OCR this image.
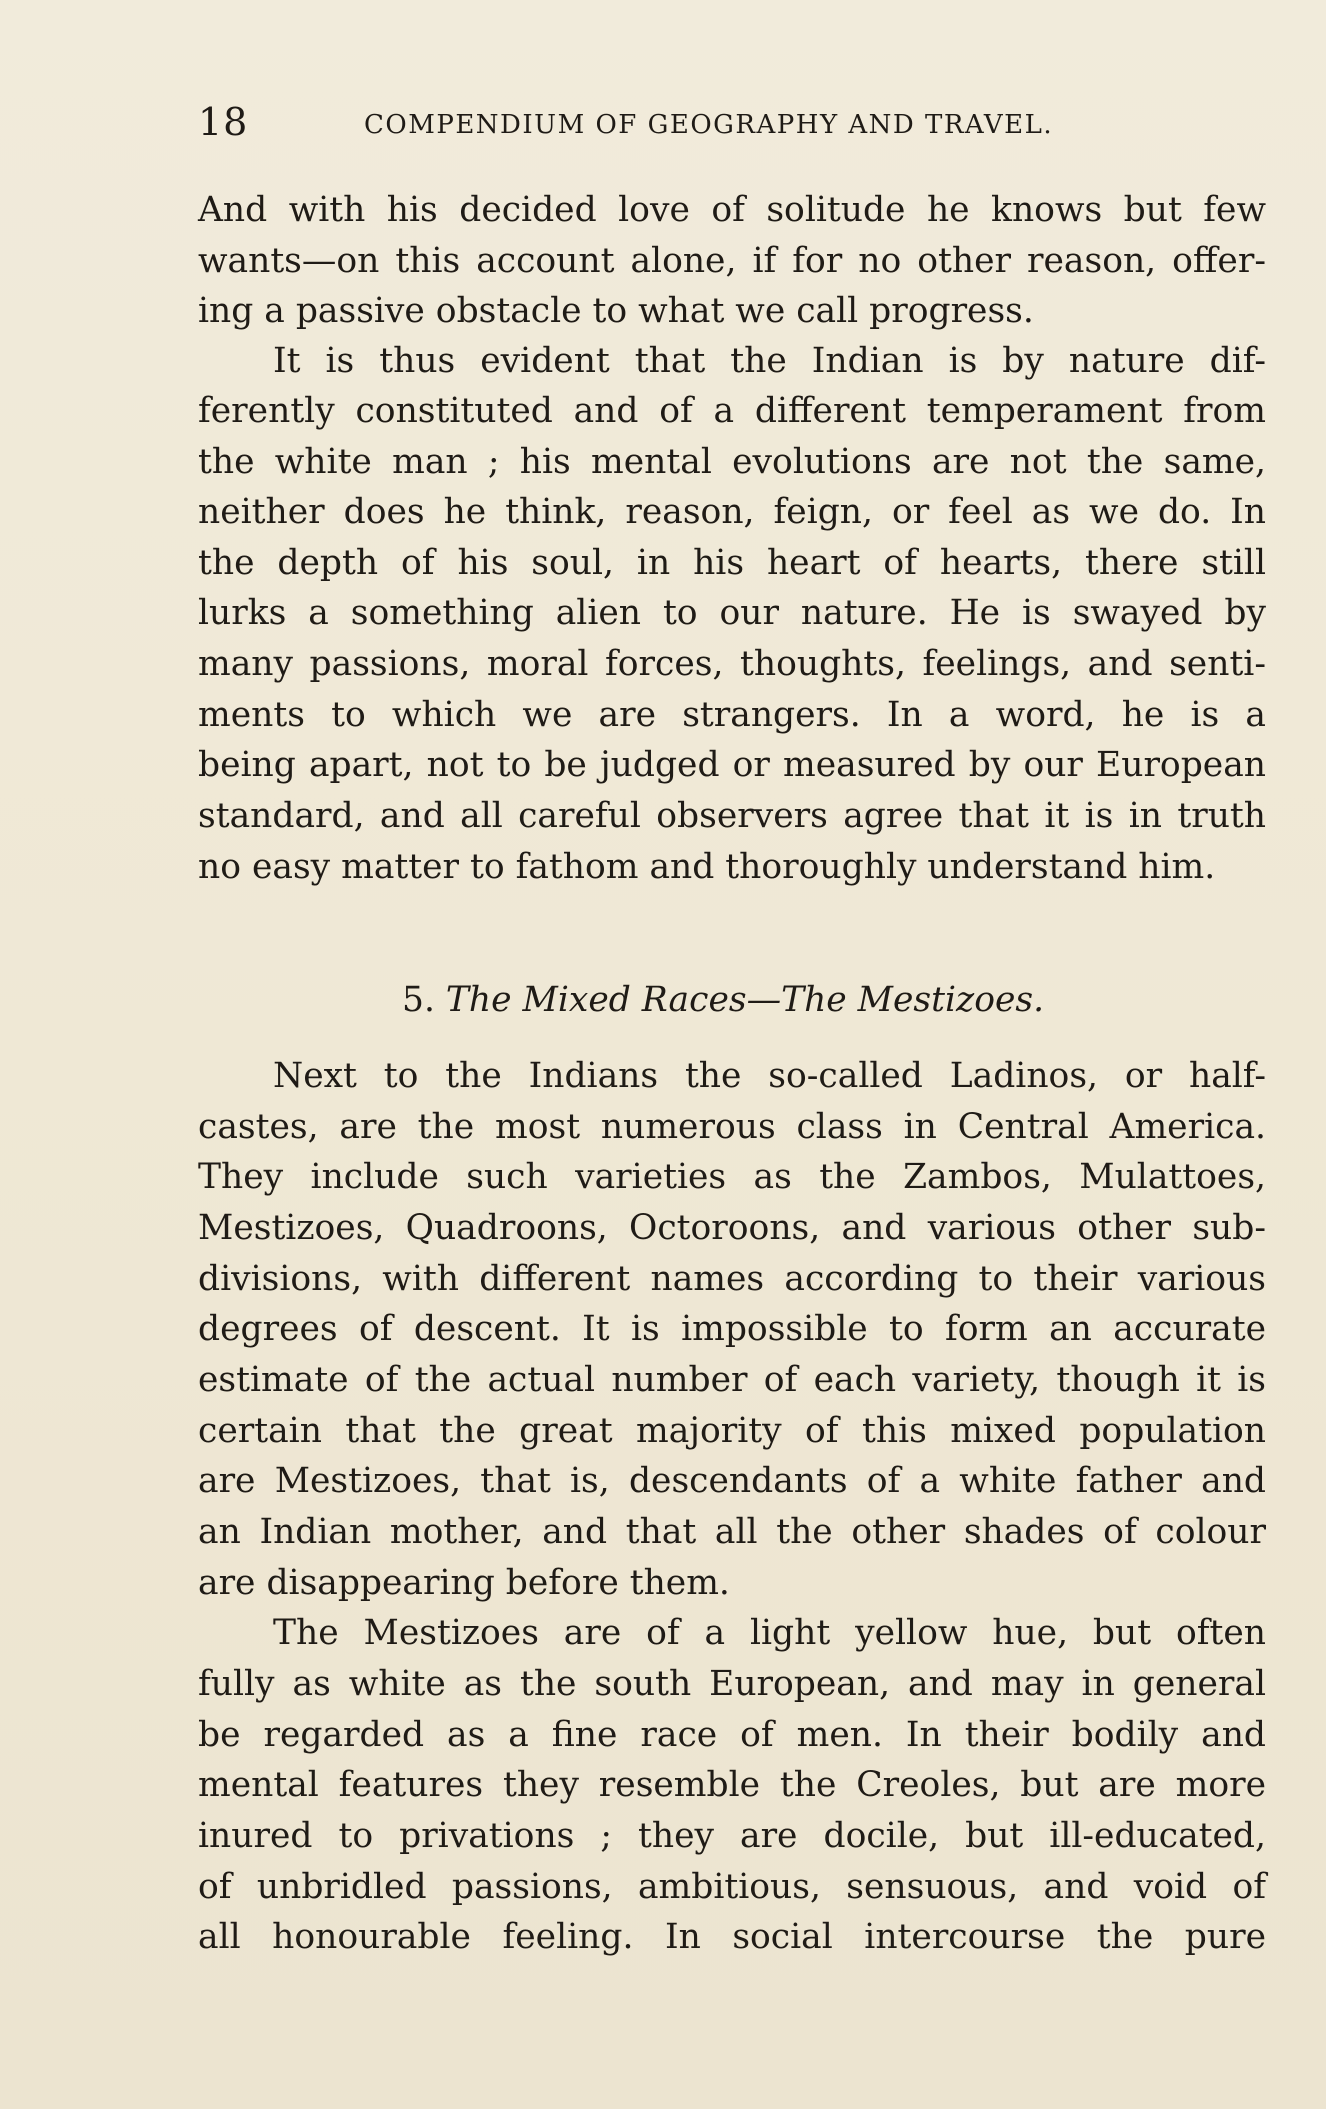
18	COMPENDIUM OF GEOGRAPHY AND TRAVEL.
And with his decided love of solitude he knows but few
wants—on this account alone, if for no other reason, offer-
ing a passive obstacle to what we call progress.
It is thus evident that the Indian is by nature dif-
ferently constituted and of a different temperament from
the white man ; his mental evolutions are not the same,
neither does he think, reason, feign, or feel as we do. In
the depth of his soul, in his heart of hearts, there still
lurks a something alien to our nature. He is swayed by
many passions, moral forces, thoughts, feelings, and senti-
ments to which we are strangers. In a word, he is a
being apart, not to be judged or measured by our European
standard, and all careful observers agree that it is in truth
no easy matter to fathom and thoroughly understand him.
5. The Mixed Races—The Mestizoes.
Next to the Indians the so-called Ladinos, or half-
castes, are the most numerous class in Central America.
They include such varieties as the Zambos, Mulattoes,
Mestizoes, Quadroons, Octoroons, and various other sub-
divisions, with different names according to their various
degrees of descent. It is impossible to form an accurate
estimate of the actual number of each variety, though it is
certain that the great majority of this mixed population
are Mestizoes, that is, descendants of a white father and
an Indian mother, and that all the other shades of colour
are disappearing before them.
The Mestizoes are of a light yellow hue, but often
fully as white as the south European, and may in general
be regarded as a fine race of men. In their bodily and
mental features they resemble the Creoles, but are more
inured to privations ; they are docile, but ill-educated,
of unbridled passions, ambitious, sensuous, and void of
all honourable feeling. In social intercourse the pure
